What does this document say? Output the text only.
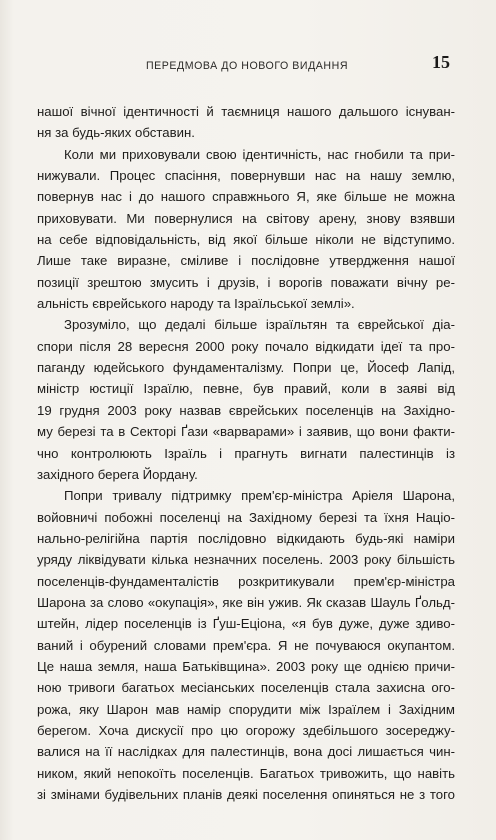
ПЕРЕДМОВА ДО НОВОГО ВИДАННЯ	15
нашої вічної ідентичності й таємниця нашого дальшого існуван-
ня за будь-яких обставин.
Коли ми приховували свою ідентичність, нас гнобили та при-
нижували. Процес спасіння, повернувши нас на нашу землю,
повернув нас і до нашого справжнього Я, яке більше не можна
приховувати. Ми повернулися на світову арену, знову взявши
на себе відповідальність, від якої більше ніколи не відступимо.
Лише таке виразне, сміливе і послідовне утвердження нашої
позиції зрештою змусить і друзів, і ворогів поважати вічну ре-
альність єврейського народу та Ізраїльської землі».
Зрозуміло, що дедалі більше ізраїльтян та єврейської діа-
спори після 28 вересня 2000 року почало відкидати ідеї та про-
паганду юдейського фундаменталізму. Попри це, Йосеф Лапід,
міністр юстиції Ізраїлю, певне, був правий, коли в заяві від
19 грудня 2003 року назвав єврейських поселенців на Західно-
му березі та в Секторі Ґази «варварами» і заявив, що вони факти-
чно контролюють Ізраїль і прагнуть вигнати палестинців із
західного берега Йордану.
Попри тривалу підтримку прем'єр-міністра Аріеля Шарона,
войовничі побожні поселенці на Західному березі та їхня Націо-
нально-релігійна партія послідовно відкидають будь-які наміри
уряду ліквідувати кілька незначних поселень. 2003 року більшість
поселенців-фундаменталістів розкритикували прем'єр-міністра
Шарона за слово «окупація», яке він ужив. Як сказав Шауль Ґольд-
штейн, лідер поселенців із Ґуш-Еціона, «я був дуже, дуже здиво-
ваний і обурений словами прем'єра. Я не почуваюся окупантом.
Це наша земля, наша Батьківщина». 2003 року ще однією причи-
ною тривоги багатьох месіанських поселенців стала захисна ого-
рожа, яку Шарон мав намір спорудити між Ізраїлем і Західним
берегом. Хоча дискусії про цю огорожу здебільшого зосереджу-
валися на її наслідках для палестинців, вона досі лишається чин-
ником, який непокоїть поселенців. Багатьох тривожить, що навіть
зі змінами будівельних планів деякі поселення опиняться не з того
